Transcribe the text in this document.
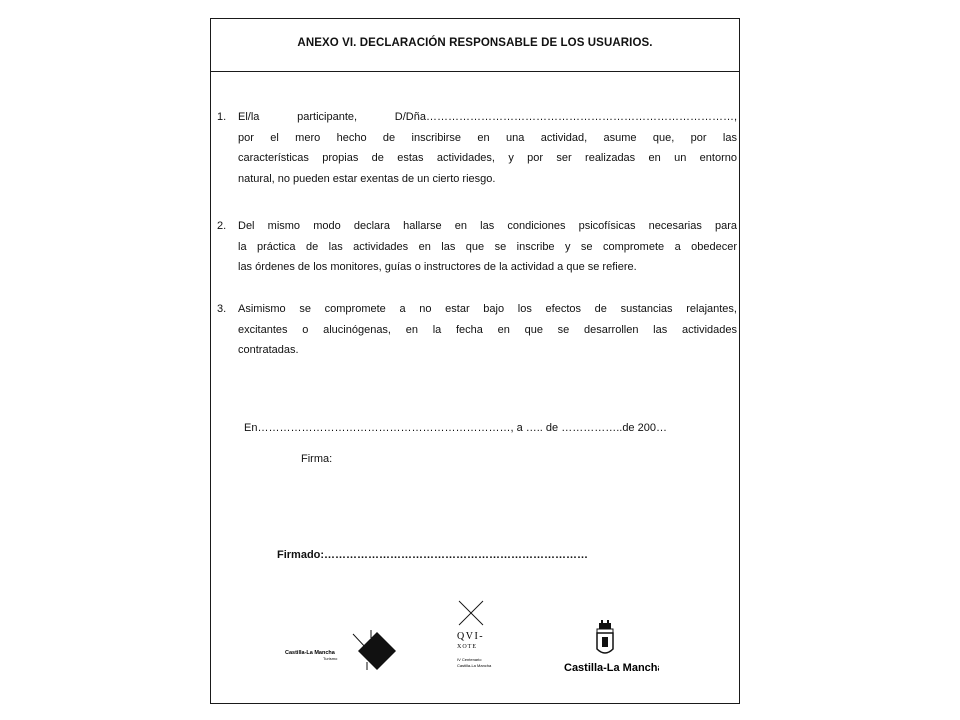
ANEXO VI. DECLARACIÓN RESPONSABLE DE LOS USUARIOS.
1. El/la participante, D/Dña…………………………………………………………………………,
por el mero hecho de inscribirse en una actividad, asume que, por las
características propias de estas actividades, y por ser realizadas en un entorno
natural, no pueden estar exentas de un cierto riesgo.
2. Del mismo modo declara hallarse en las condiciones psicofísicas necesarias para
la práctica de las actividades en las que se inscribe y se compromete a obedecer
las órdenes de los monitores, guías o instructores de la actividad a que se refiere.
3. Asimismo se compromete a no estar bajo los efectos de sustancias relajantes,
excitantes o alucinógenas, en la fecha en que se desarrollen las actividades
contratadas.
En……………………………………………………………, a ….. de ……………..de 200…
Firma:
Firmado:………………………………………………………………
Castilla-La Mancha
Turismo
QVI-
XOTE
IV Centenario
Castilla-La Mancha	Castilla-La Mancha
